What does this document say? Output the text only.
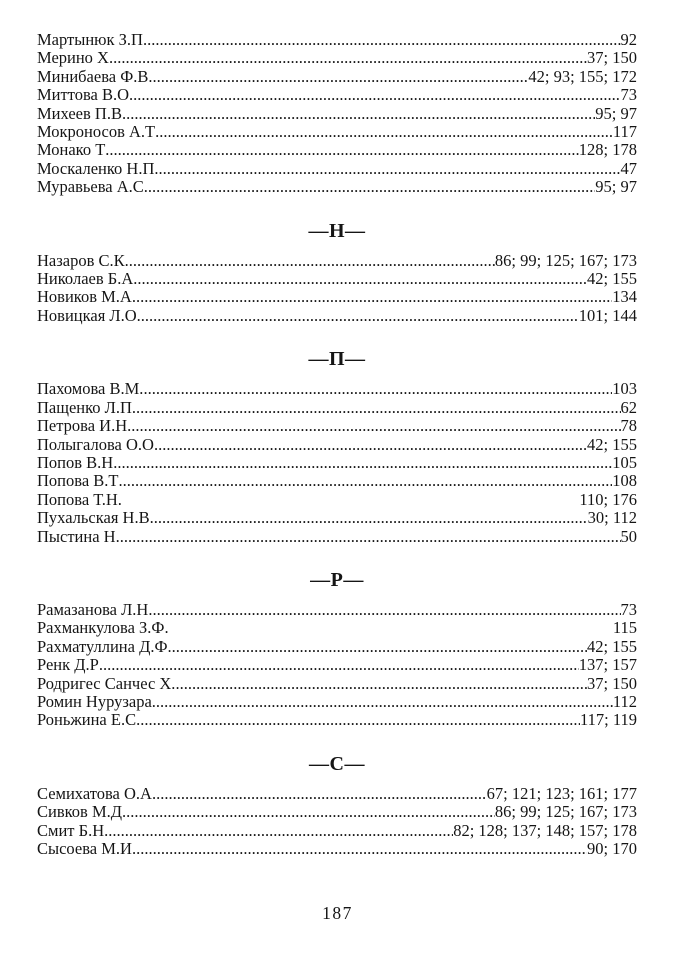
Мартынюк З.П .....	92
Мерино Х. .....	37; 150
Минибаева Ф.В .....	42; 93; 155; 172
Миттова В.О. .....	73
Михеев П.В. .....	95; 97
Мокроносов А.Т .....	117
Монако Т .....	128; 178
Москаленко Н.П .....	47
Муравьева А.С .....	95; 97
—Н—
Назаров С.К .....	86; 99; 125; 167; 173
Николаев Б.А. .....	42; 155
Новиков М.А. .....	134
Новицкая Л.О. .....	101; 144
—П—
Пахомова В.М. .....	103
Пащенко Л.П. .....	62
Петрова И.Н. .....	78
Полыгалова О.О .....	42; 155
Попов В.Н. .....	105
Попова В.Т .....	108
Попова Т.Н.	110; 176
Пухальская Н.В .....	30; 112
Пыстина Н .....	50
—Р—
Рамазанова Л.Н .....	73
Рахманкулова З.Ф.	115
Рахматуллина Д.Ф .....	42; 155
Ренк Д.Р .....	137; 157
Родригес Санчес Х. .....	37; 150
Ромин Нурузара .....	112
Роньжина Е.С .....	117; 119
—С—
Семихатова О.А .....	67; 121; 123; 161; 177
Сивков М.Д .....	86; 99; 125; 167; 173
Смит Б.Н. .....	82; 128; 137; 148; 157; 178
Сысоева М.И .....	90; 170
187
